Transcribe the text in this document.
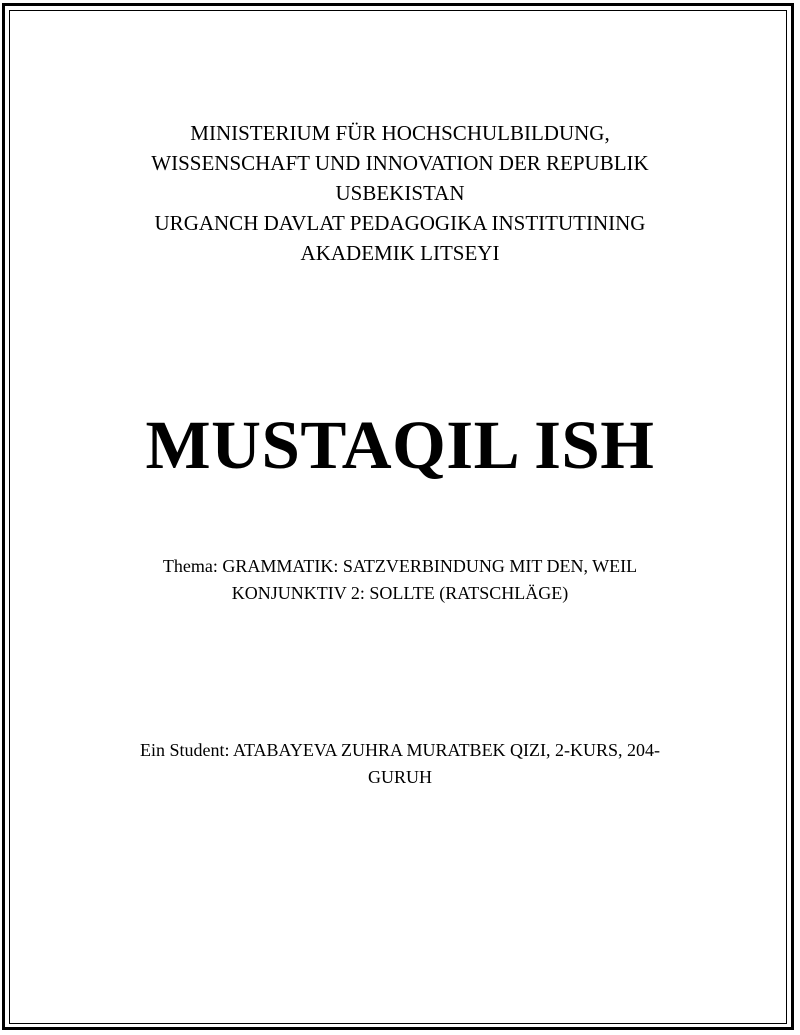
MINISTERIUM FÜR HOCHSCHULBILDUNG,
WISSENSCHAFT UND INNOVATION DER REPUBLIK
USBEKISTAN
URGANCH DAVLAT PEDAGOGIKA INSTITUTINING
AKADEMIK LITSEYI
MUSTAQIL ISH
Thema: GRAMMATIK: SATZVERBINDUNG MIT DEN, WEIL
KONJUNKTIV 2: SOLLTE (RATSCHLÄGE)
Ein Student: ATABAYEVA ZUHRA MURATBEK QIZI, 2-KURS, 204-
GURUH
